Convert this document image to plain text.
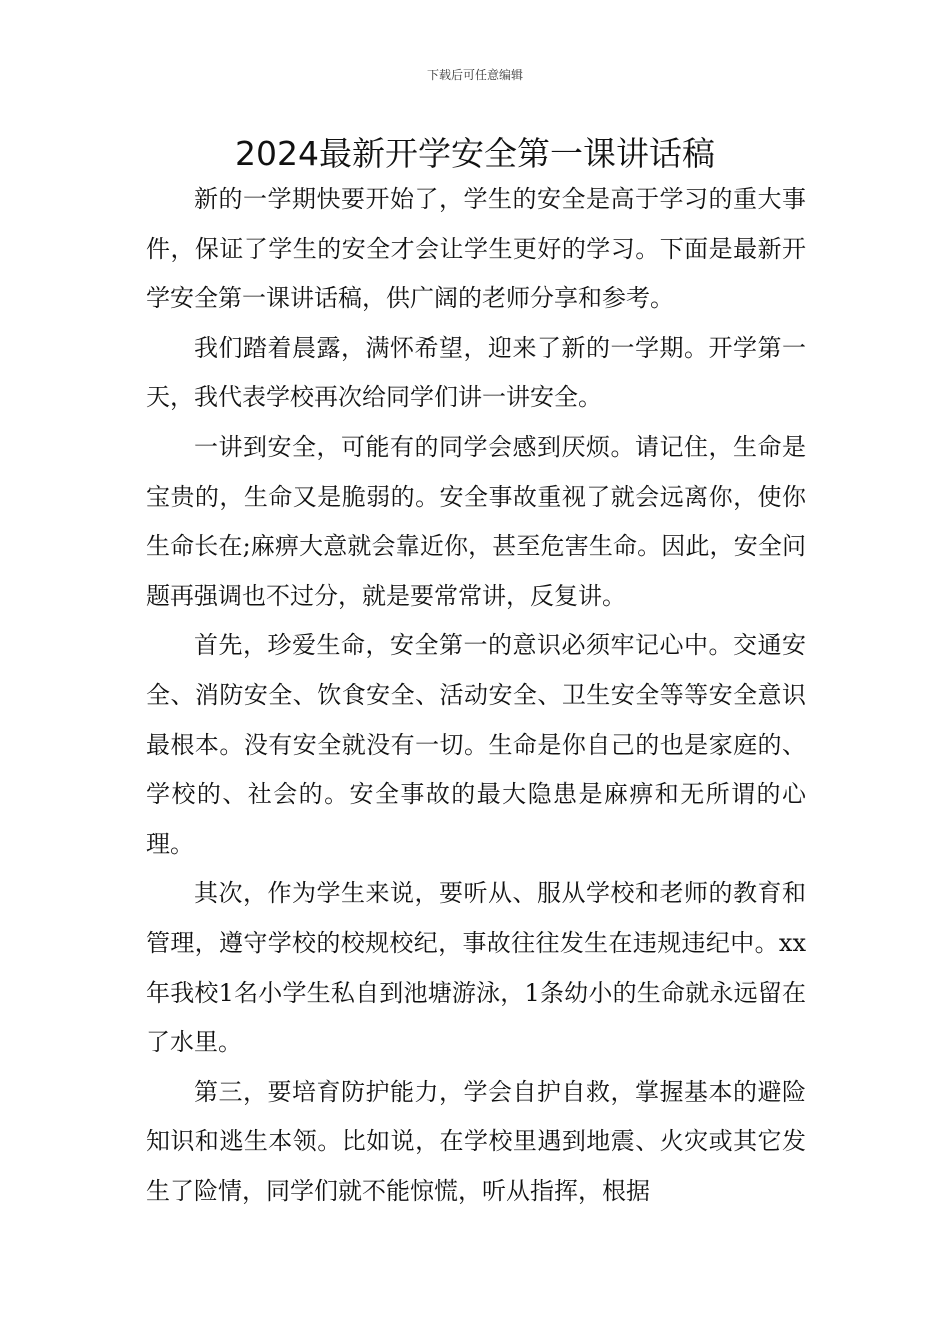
下载后可任意编辑
2024最新开学安全第一课讲话稿

新的一学期快要开始了，学生的安全是高于学习的重大事件，保证了学生的安全才会让学生更好的学习。下面是最新开学安全第一课讲话稿，供广阔的老师分享和参考。

我们踏着晨露，满怀希望，迎来了新的一学期。开学第一天，我代表学校再次给同学们讲一讲安全。

一讲到安全，可能有的同学会感到厌烦。请记住，生命是宝贵的，生命又是脆弱的。安全事故重视了就会远离你，使你生命长在;麻痹大意就会靠近你，甚至危害生命。因此，安全问题再强调也不过分，就是要常常讲，反复讲。

首先，珍爱生命，安全第一的意识必须牢记心中。交通安全、消防安全、饮食安全、活动安全、卫生安全等等安全意识最根本。没有安全就没有一切。生命是你自己的也是家庭的、学校的、社会的。安全事故的最大隐患是麻痹和无所谓的心理。

其次，作为学生来说，要听从、服从学校和老师的教育和管理，遵守学校的校规校纪，事故往往发生在违规违纪中。xx年我校1名小学生私自到池塘游泳，1条幼小的生命就永远留在了水里。

第三，要培育防护能力，学会自护自救，掌握基本的避险知识和逃生本领。比如说，在学校里遇到地震、火灾或其它发生了险情，同学们就不能惊慌，听从指挥，根据
